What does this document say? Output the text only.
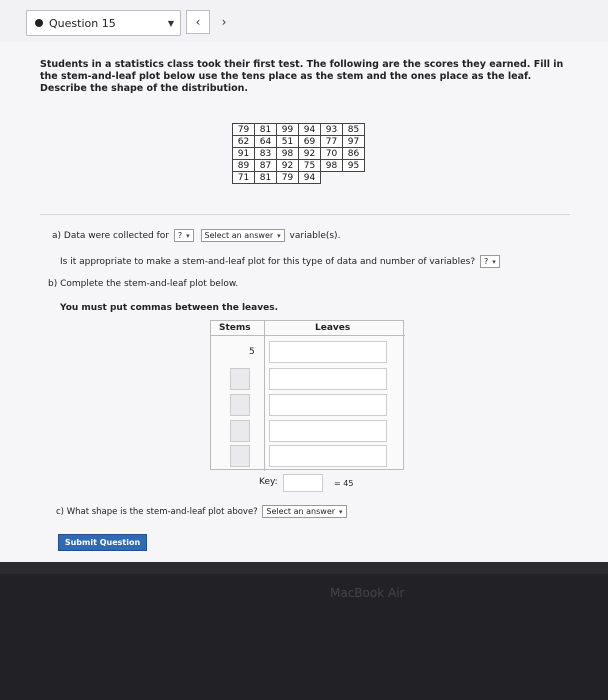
Question 15	▼ ‹ ›
Students in a statistics class took their first test. The following are the scores they earned. Fill in the stem-and-leaf plot below use the tens place as the stem and the ones place as the leaf. Describe the shape of the distribution.
79	81	99	94	93	85
62	64	51	69	77	97
91	83	98	92	70	86
89	87	92	75	98	95
71	81	79	94		
a) Data were collected for ? ▾ Select an answer ▾ variable(s).
Is it appropriate to make a stem-and-leaf plot for this type of data and number of variables? ? ▾
b) Complete the stem-and-leaf plot below.
You must put commas between the leaves.
Stems	Leaves
5
Key:	= 45
c) What shape is the stem-and-leaf plot above? Select an answer ▾
Submit Question
MacBook Air
